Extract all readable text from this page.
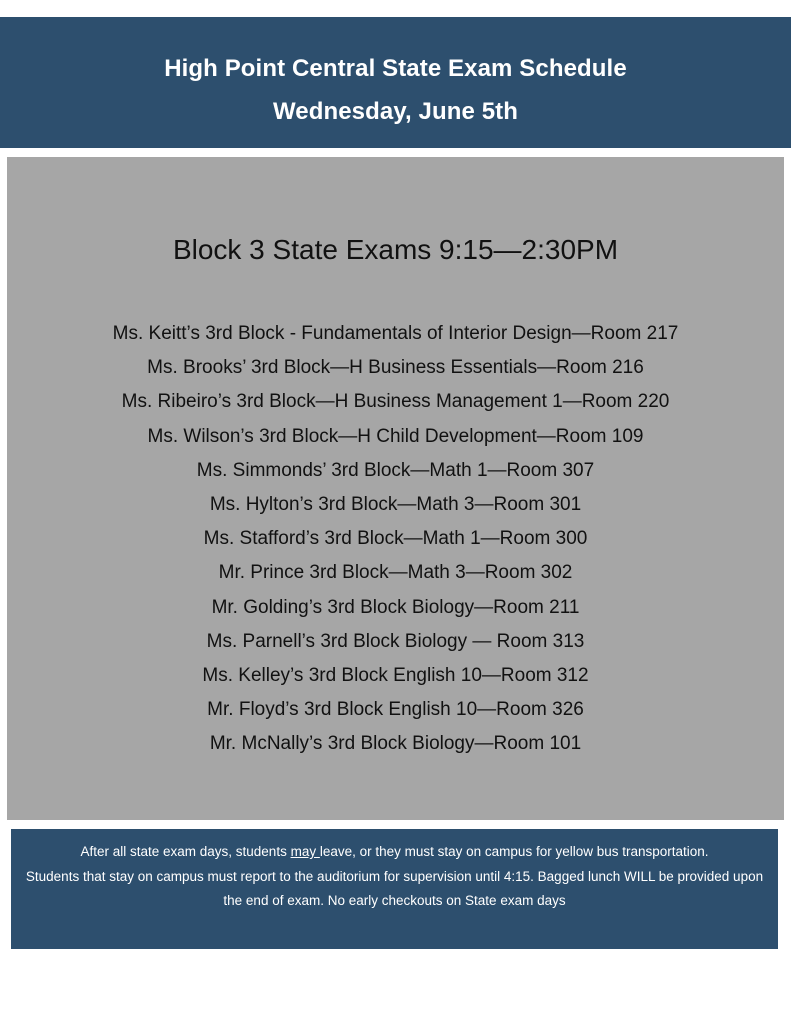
High Point Central State Exam Schedule
Wednesday, June 5th
Block 3 State Exams 9:15—2:30PM
Ms. Keitt’s 3rd Block - Fundamentals of Interior Design—Room 217
Ms. Brooks’ 3rd Block—H Business Essentials—Room 216
Ms. Ribeiro’s 3rd Block—H Business Management 1—Room 220
Ms. Wilson’s 3rd Block—H Child Development—Room 109
Ms. Simmonds’ 3rd Block—Math 1—Room 307
Ms. Hylton’s 3rd Block—Math 3—Room 301
Ms. Stafford’s 3rd Block—Math 1—Room 300
Mr. Prince 3rd Block—Math 3—Room 302
Mr. Golding’s 3rd Block Biology—Room 211
Ms. Parnell’s 3rd Block Biology — Room 313
Ms. Kelley’s 3rd Block English 10—Room 312
Mr. Floyd’s 3rd Block English 10—Room 326
Mr. McNally’s 3rd Block Biology—Room 101
After all state exam days, students may leave, or they must stay on campus for yellow bus transportation.
Students that stay on campus must report to the auditorium for supervision until 4:15. Bagged lunch WILL be provided upon the end of exam. No early checkouts on State exam days
